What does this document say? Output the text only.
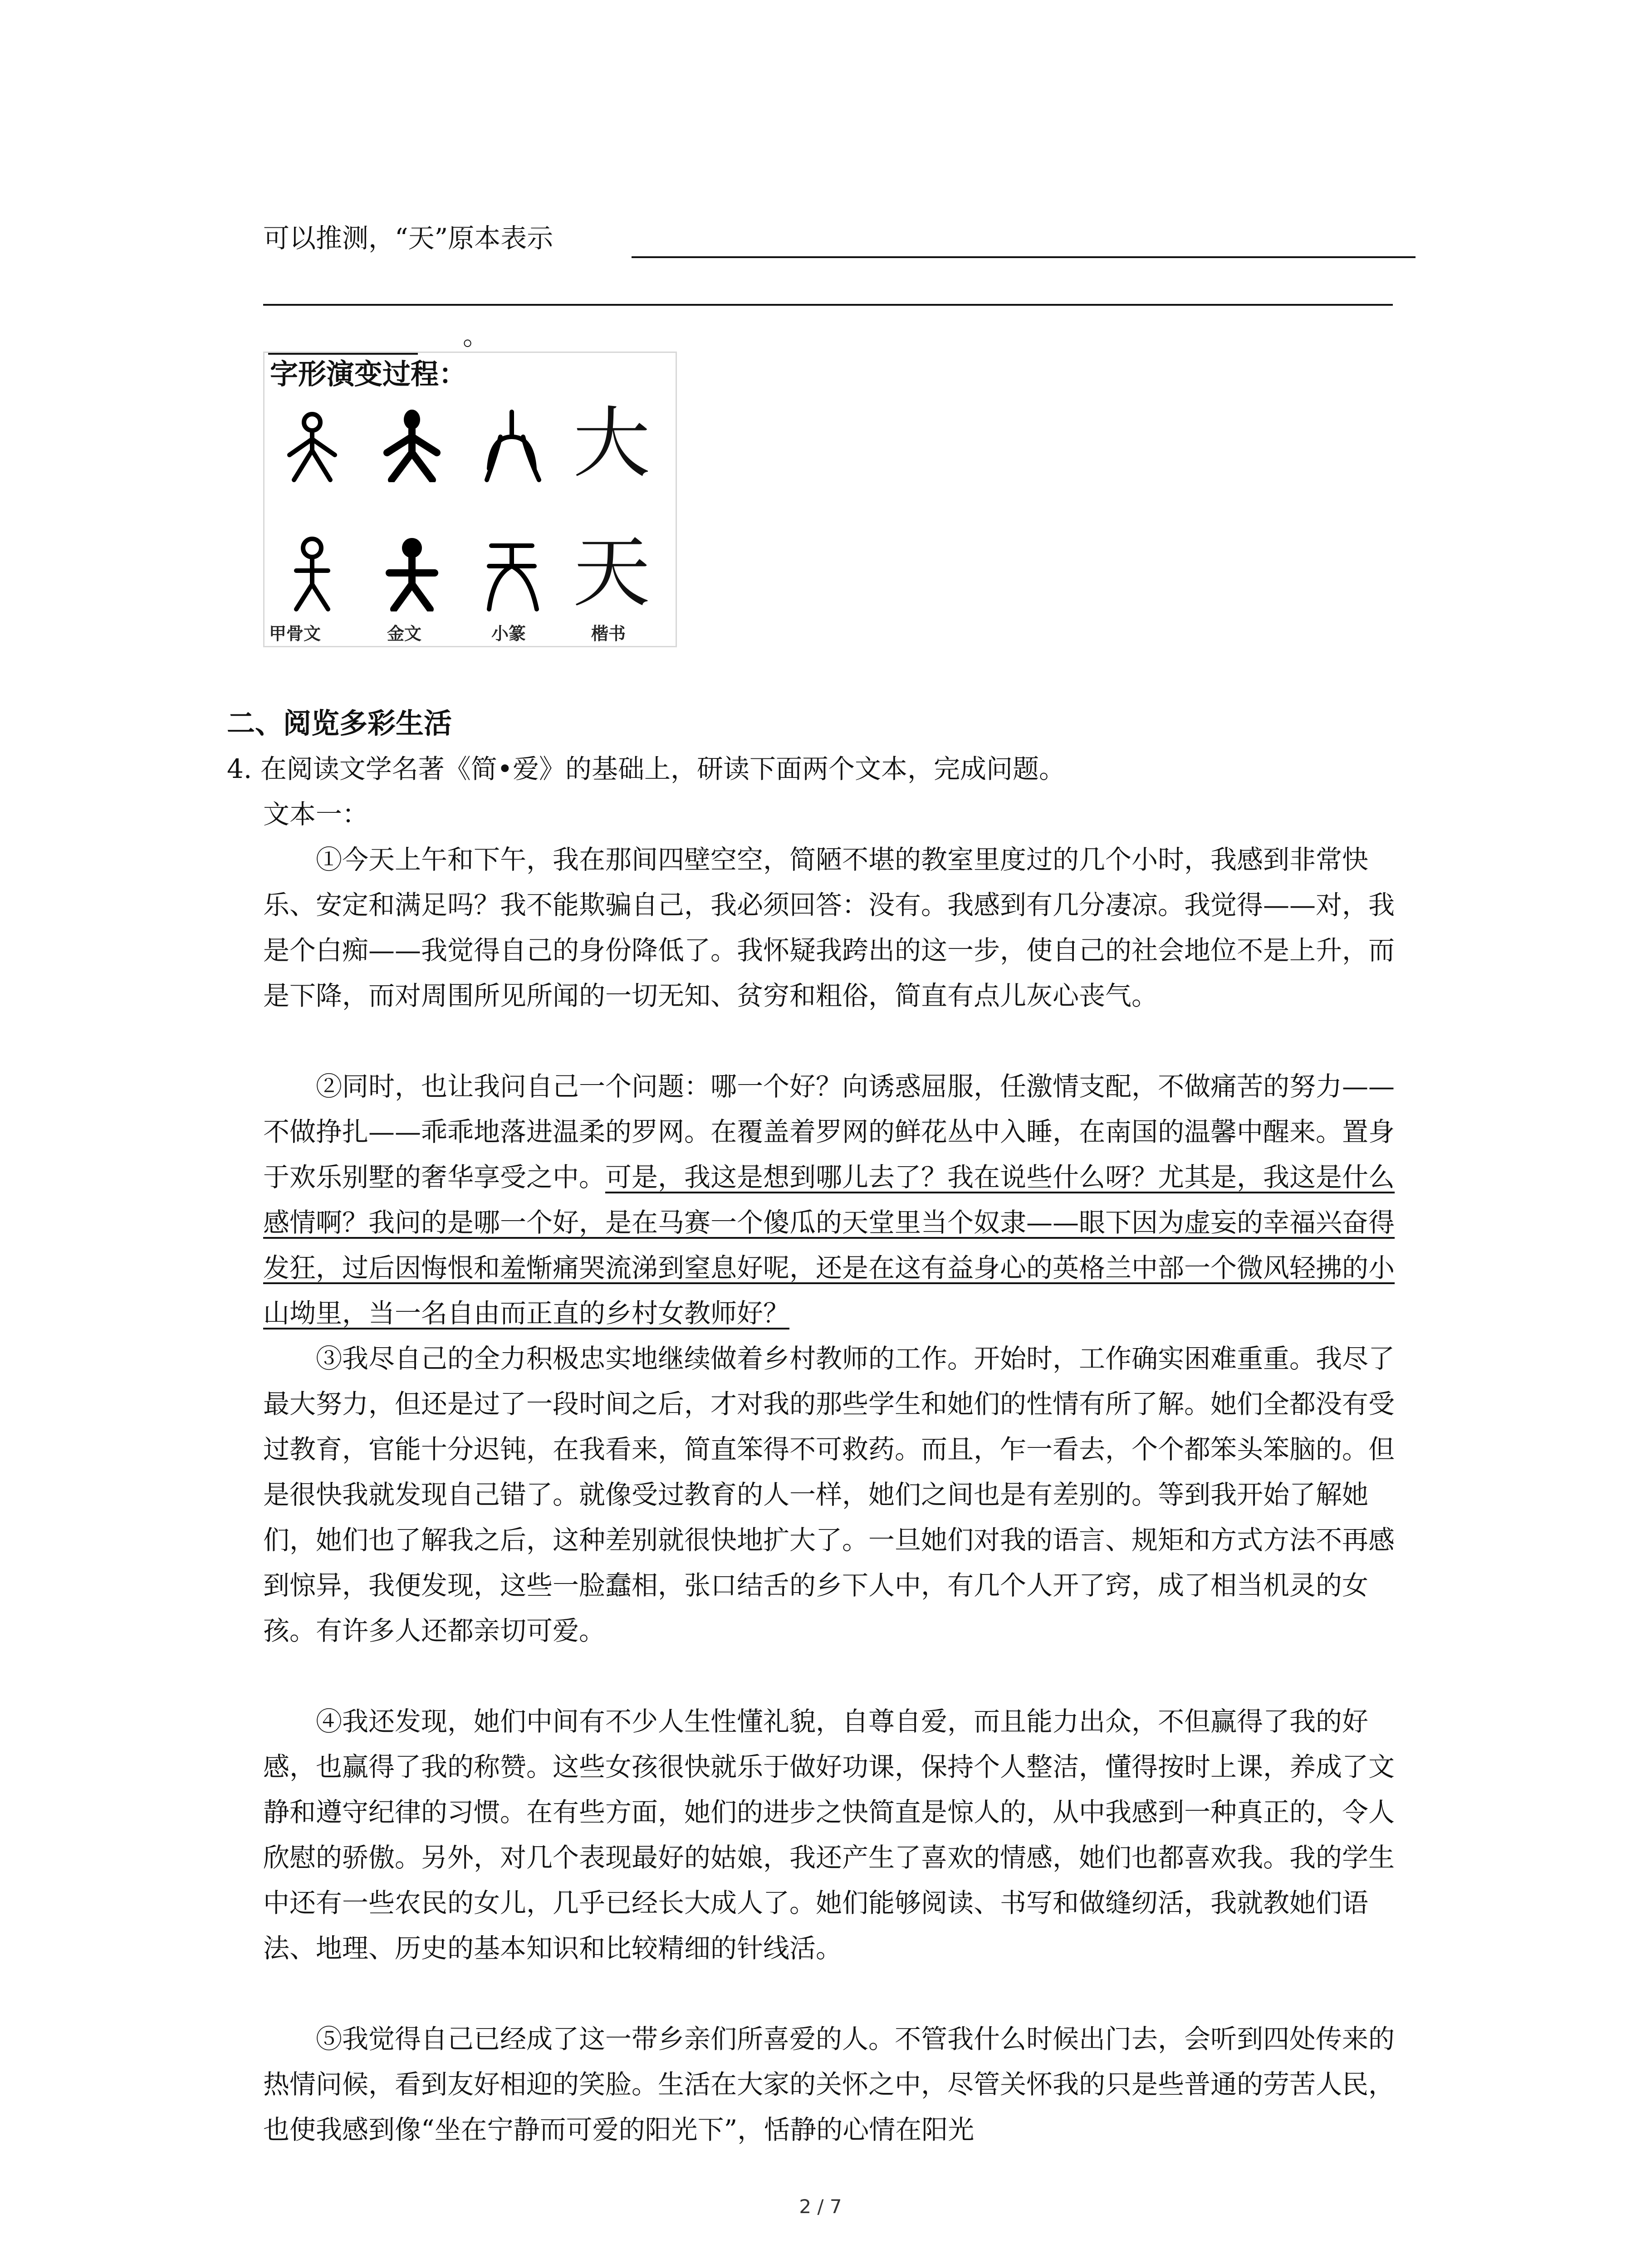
可以推测，“天”原本表示
。
字形演变过程：
大
天
甲骨文	金文	小篆	楷书
二、阅览多彩生活
4. 在阅读文学名著《简•爱》的基础上，研读下面两个文本，完成问题。
文本一：
①今天上午和下午，我在那间四壁空空，简陋不堪的教室里度过的几个小时，我感到非常快乐、安定和满足吗？我不能欺骗自己，我必须回答：没有。我感到有几分凄凉。我觉得——对，我是个白痴——我觉得自己的身份降低了。我怀疑我跨出的这一步，使自己的社会地位不是上升，而是下降，而对周围所见所闻的一切无知、贫穷和粗俗，简直有点儿灰心丧气。
②同时，也让我问自己一个问题：哪一个好？向诱惑屈服，任激情支配，不做痛苦的努力——不做挣扎——乖乖地落进温柔的罗网。在覆盖着罗网的鲜花丛中入睡，在南国的温馨中醒来。置身于欢乐别墅的奢华享受之中。可是，我这是想到哪儿去了？我在说些什么呀？尤其是，我这是什么感情啊？我问的是哪一个好，是在马赛一个傻瓜的天堂里当个奴隶——眼下因为虚妄的幸福兴奋得发狂，过后因悔恨和羞惭痛哭流涕到窒息好呢，还是在这有益身心的英格兰中部一个微风轻拂的小山坳里，当一名自由而正直的乡村女教师好？
③我尽自己的全力积极忠实地继续做着乡村教师的工作。开始时，工作确实困难重重。我尽了最大努力，但还是过了一段时间之后，才对我的那些学生和她们的性情有所了解。她们全都没有受过教育，官能十分迟钝，在我看来，简直笨得不可救药。而且，乍一看去，个个都笨头笨脑的。但是很快我就发现自己错了。就像受过教育的人一样，她们之间也是有差别的。等到我开始了解她们，她们也了解我之后，这种差别就很快地扩大了。一旦她们对我的语言、规矩和方式方法不再感到惊异，我便发现，这些一脸蠢相，张口结舌的乡下人中，有几个人开了窍，成了相当机灵的女孩。有许多人还都亲切可爱。
④我还发现，她们中间有不少人生性懂礼貌，自尊自爱，而且能力出众，不但赢得了我的好感，也赢得了我的称赞。这些女孩很快就乐于做好功课，保持个人整洁，懂得按时上课，养成了文静和遵守纪律的习惯。在有些方面，她们的进步之快简直是惊人的，从中我感到一种真正的，令人欣慰的骄傲。另外，对几个表现最好的姑娘，我还产生了喜欢的情感，她们也都喜欢我。我的学生中还有一些农民的女儿，几乎已经长大成人了。她们能够阅读、书写和做缝纫活，我就教她们语法、地理、历史的基本知识和比较精细的针线活。
⑤我觉得自己已经成了这一带乡亲们所喜爱的人。不管我什么时候出门去，会听到四处传来的热情问候，看到友好相迎的笑脸。生活在大家的关怀之中，尽管关怀我的只是些普通的劳苦人民，也使我感到像“坐在宁静而可爱的阳光下”，恬静的心情在阳光
2 / 7
